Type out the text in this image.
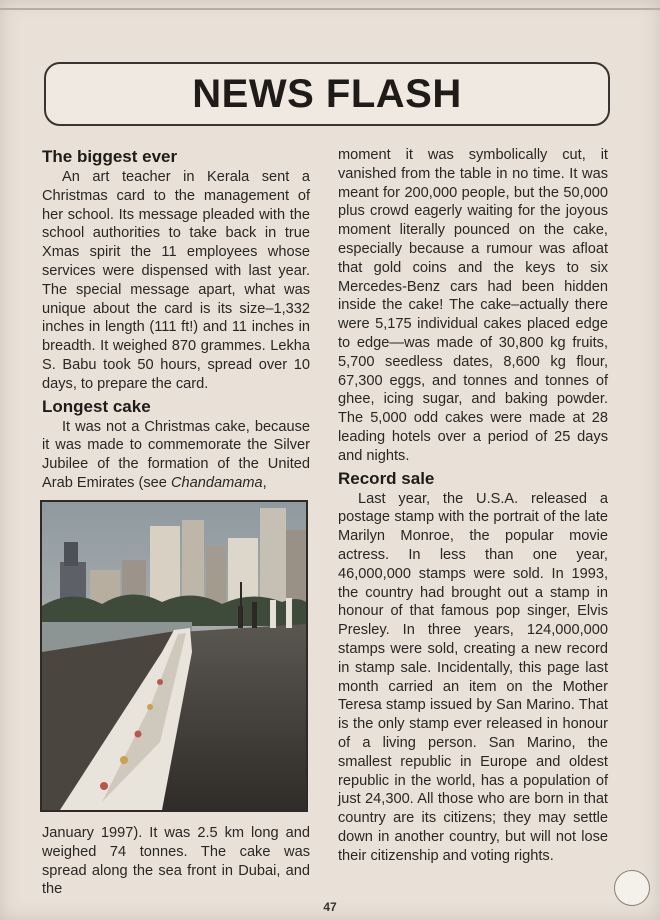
NEWS FLASH
The biggest ever

An art teacher in Kerala sent a Christmas card to the management of her school. Its message pleaded with the school authorities to take back in true Xmas spirit the 11 employees whose services were dispensed with last year. The special message apart, what was unique about the card is its size–1,332 inches in length (111 ft!) and 11 inches in breadth. It weighed 870 grammes. Lekha S. Babu took 50 hours, spread over 10 days, to prepare the card.

Longest cake

It was not a Christmas cake, because it was made to commemorate the Silver Jubilee of the formation of the United Arab Emirates (see Chandamama,

January 1997). It was 2.5 km long and weighed 74 tonnes. The cake was spread along the sea front in Dubai, and the

moment it was symbolically cut, it vanished from the table in no time. It was meant for 200,000 people, but the 50,000 plus crowd eagerly waiting for the joyous moment literally pounced on the cake, especially because a rumour was afloat that gold coins and the keys to six Mercedes-Benz cars had been hidden inside the cake! The cake–actually there were 5,175 individual cakes placed edge to edge—was made of 30,800 kg fruits, 5,700 seedless dates, 8,600 kg flour, 67,300 eggs, and tonnes and tonnes of ghee, icing sugar, and baking powder. The 5,000 odd cakes were made at 28 leading hotels over a period of 25 days and nights.

Record sale

Last year, the U.S.A. released a postage stamp with the portrait of the late Marilyn Monroe, the popular movie actress. In less than one year, 46,000,000 stamps were sold. In 1993, the country had brought out a stamp in honour of that famous pop singer, Elvis Presley. In three years, 124,000,000 stamps were sold, creating a new record in stamp sale. Incidentally, this page last month carried an item on the Mother Teresa stamp issued by San Marino. That is the only stamp ever released in honour of a living person. San Marino, the smallest republic in Europe and oldest republic in the world, has a population of just 24,300. All those who are born in that country are its citizens; they may settle down in another country, but will not lose their citizenship and voting rights.

47
